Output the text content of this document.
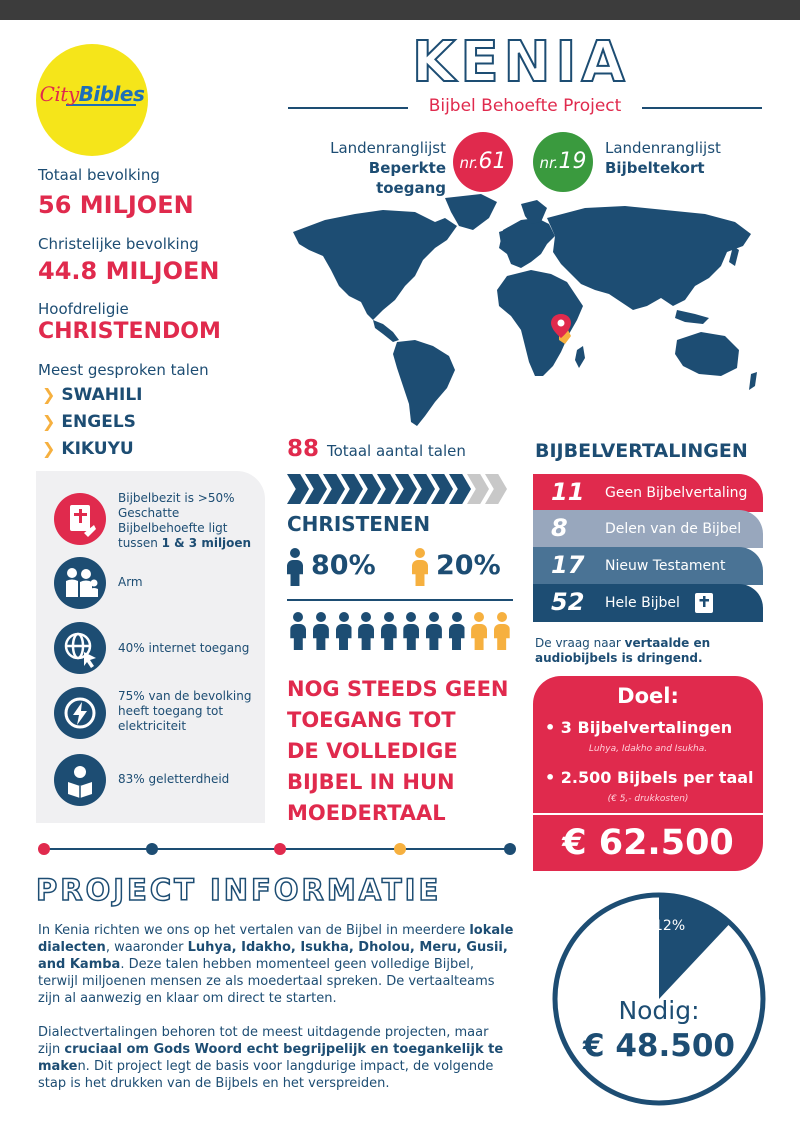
CityBibles	KENIA
Bijbel Behoefte Project
Landenranglijst
Beperkte toegang
nr.61	nr.19
Landenranglijst
Bijbeltekort
Totaal bevolking
56 MILJOEN
Christelijke bevolking
44.8 MILJOEN
Hoofdreligie
CHRISTENDOM
Meest gesproken talen
❯ SWAHILI
❯ ENGELS
❯ KIKUYU
Bijbelbezit is >50%
Geschatte
Bijbelbehoefte ligt
tussen 1 & 3 miljoen
Arm
40% internet toegang
75% van de bevolking
heeft toegang tot
elektriciteit
83% geletterdheid
88 Totaal aantal talen
CHRISTENEN
80% 20%
NOG STEEDS GEEN
TOEGANG TOT
DE VOLLEDIGE
BIJBEL IN HUN
MOEDERTAAL
BIJBELVERTALINGEN
11 Geen Bijbelvertaling
8	Delen van de Bijbel
17 Nieuw Testament
52 Hele Bijbel
De vraag naar vertaalde en audiobijbels is dringend.
Doel:
• 3 Bijbelvertalingen
Luhya, Idakho and Isukha.
• 2.500 Bijbels per taal
(€ 5,- drukkosten)
€ 62.500
PROJECT INFORMATIE
In Kenia richten we ons op het vertalen van de Bijbel in meerdere lokale dialecten, waaronder Luhya, Idakho, Isukha, Dholou, Meru, Gusii, and Kamba. Deze talen hebben momenteel geen volledige Bijbel, terwijl miljoenen mensen ze als moedertaal spreken. De vertaalteams zijn al aanwezig en klaar om direct te starten.
Dialectvertalingen behoren tot de meest uitdagende projecten, maar zijn cruciaal om Gods Woord echt begrijpelijk en toegankelijk te maken. Dit project legt de basis voor langdurige impact, de volgende stap is het drukken van de Bijbels en het verspreiden.
12%
Nodig:
€ 48.500
